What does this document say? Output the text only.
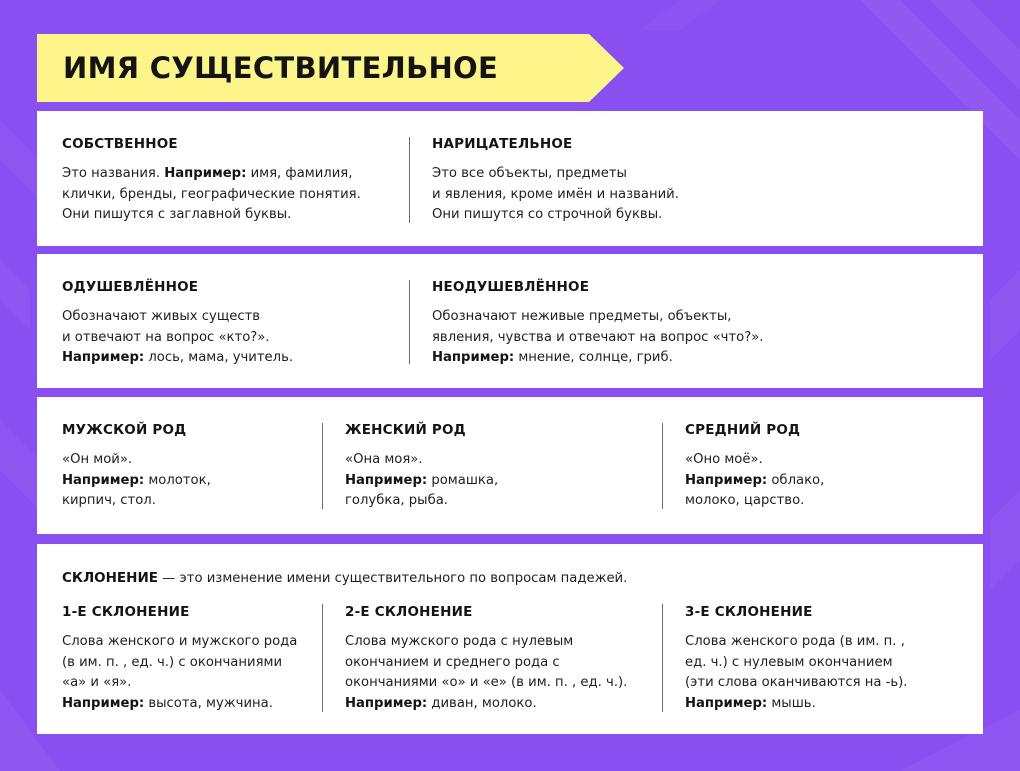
ИМЯ СУЩЕСТВИТЕЛЬНОЕ
СОБСТВЕННОЕ
Это названия. Например: имя, фамилия,
клички, бренды, географические понятия.
Они пишутся с заглавной буквы.
НАРИЦАТЕЛЬНОЕ
Это все объекты, предметы
и явления, кроме имён и названий.
Они пишутся со строчной буквы.
ОДУШЕВЛЁННОЕ
Обозначают живых существ
и отвечают на вопрос «кто?».
Например: лось, мама, учитель.
НЕОДУШЕВЛЁННОЕ
Обозначают неживые предметы, объекты,
явления, чувства и отвечают на вопрос «что?».
Например: мнение, солнце, гриб.
МУЖСКОЙ РОД
«Он мой».
Например: молоток,
кирпич, стол.
ЖЕНСКИЙ РОД
«Она моя».
Например: ромашка,
голубка, рыба.
СРЕДНИЙ РОД
«Оно моё».
Например: облако,
молоко, царство.
СКЛОНЕНИЕ — это изменение имени существительного по вопросам падежей.
1-Е СКЛОНЕНИЕ
Слова женского и мужского рода
(в им. п. , ед. ч.) с окончаниями
«а» и «я».
Например: высота, мужчина.
2-Е СКЛОНЕНИЕ
Слова мужского рода с нулевым
окончанием и среднего рода с
окончаниями «о» и «е» (в им. п. , ед. ч.).
Например: диван, молоко.
3-Е СКЛОНЕНИЕ
Слова женского рода (в им. п. ,
ед. ч.) с нулевым окончанием
(эти слова оканчиваются на -ь).
Например: мышь.
